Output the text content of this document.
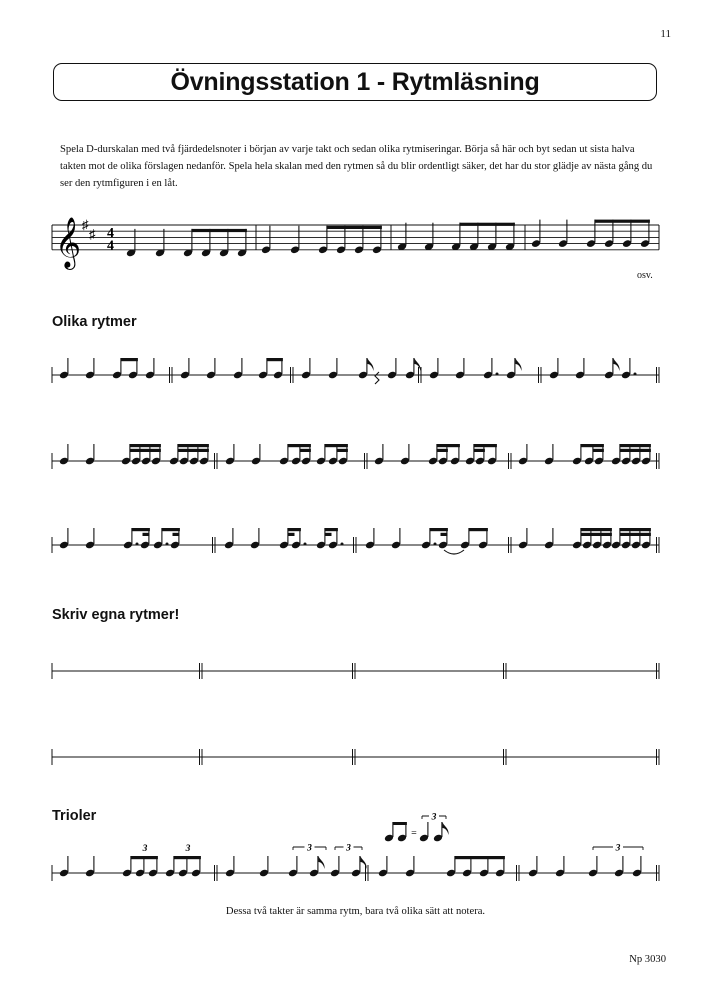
11
Övningsstation 1 - Rytmläsning
Spela D-durskalan med två fjärdedelsnoter i början av varje takt och sedan olika rytmiseringar. Börja så här och byt sedan ut sista halva takten mot de olika förslagen nedanför. Spela hela skalan med den rytmen så du blir ordentligt säker, det har du stor glädje av nästa gång du ser den rytmfiguren i en låt.
𝄞 ♯
♯ 4
4
osv.
Olika rytmer
Skriv egna rytmer!
Trioler
3	3	3	3	3
=
3
Dessa två takter är samma rytm, bara två olika sätt att notera.
Np 3030
